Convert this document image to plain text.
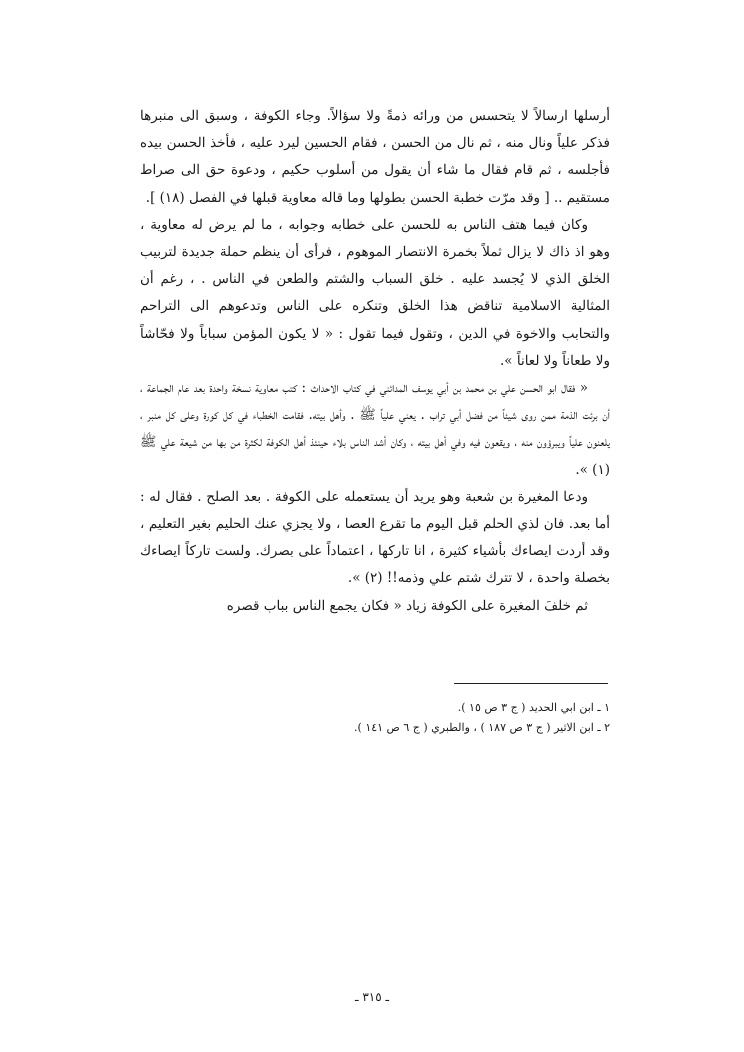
أرسلها ارسالاً لا يتحسس من ورائه ذمةً ولا سؤالاً. وجاء الكوفة ، وسبق الى منبرها فذكر علياً ونال منه ، ثم نال من الحسن ، فقام الحسين ليرد عليه ، فأخذ الحسن بيده فأجلسه ، ثم قام فقال ما شاء أن يقول من أسلوب حكيم ، ودعوة حق الى صراط مستقيم .. [ وقد مرّت خطبة الحسن بطولها وما قاله معاوية قبلها في الفصل (١٨) ].

وكان فيما هتف الناس به للحسن على خطابه وجوابه ، ما لم يرض له معاوية ، وهو اذ ذاك لا يزال ثملاً بخمرة الانتصار الموهوم ، فرأى أن ينظم حملة جديدة لتربيب الخلق الذي لا يُجسد عليه . خلق السباب والشتم والطعن في الناس . ، رغم أن المثالية الاسلامية تناقض هذا الخلق وتنكره على الناس وتدعوهم الى التراحم والتحابب والاخوة في الدين ، وتقول فيما تقول : « لا يكون المؤمن سباباً ولا فحّاشاً ولا طعاناً ولا لعاناً ».

« فقال ابو الحسن علي بن محمد بن أبي يوسف المدائني في كتاب الاحداث : كتب معاوية نسخة واحدة بعد عام الجماعة ، أن برئت الذمة ممن روى شيئاً من فضل أبي تراب . يعني علياً ﷺ . وأهل بيته. فقامت الخطباء في كل كورة وعلى كل منبر ، يلعنون علياً ويبرؤون منه ، ويقعون فيه وفي أهل بيته ، وكان أشد الناس بلاء حينئذ أهل الكوفة لكثرة من بها من شيعة علي ﷺ (١) ».

ودعا المغيرة بن شعبة وهو يريد أن يستعمله على الكوفة . بعد الصلح . فقال له : أما بعد. فان لذي الحلم قبل اليوم ما تقرع العصا ، ولا يجزي عنك الحليم بغير التعليم ، وقد أردت ايصاءك بأشياء كثيرة ، انا تاركها ، اعتماداً على بصرك. ولست تاركاً ايصاءك بخصلة واحدة ، لا تترك شتم علي وذمه!! (٢) ».

ثم خلفَ المغيرة على الكوفة زياد « فكان يجمع الناس بباب قصره

١ ـ ابن ابي الحديد ( ج ٣ ص ١٥ ).
٢ ـ ابن الاثير ( ج ٣ ص ١٨٧ ) ، والطبري ( ج ٦ ص ١٤١ ).
ـ ٣١٥ ـ
